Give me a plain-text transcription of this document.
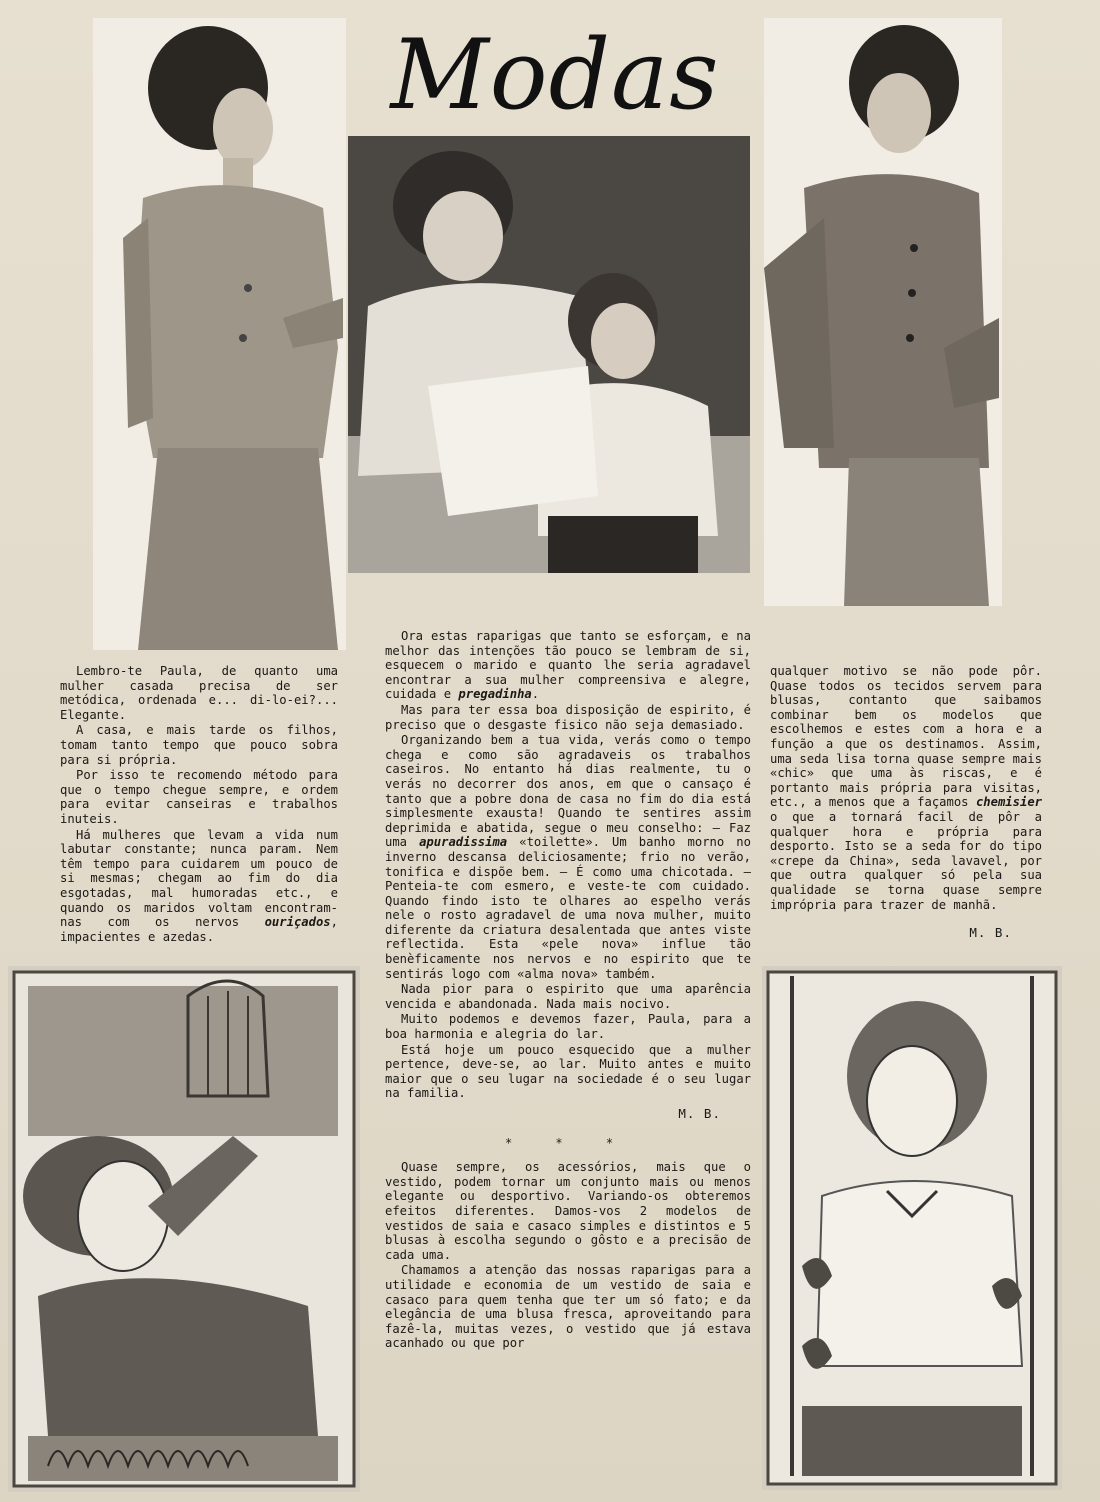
Modas

Lembro-te Paula, de quanto uma mulher casada precisa de ser metódica, ordenada e... di-lo-ei?... Elegante.

A casa, e mais tarde os filhos, tomam tanto tempo que pouco sobra para si própria.

Por isso te recomendo método para que o tempo chegue sempre, e ordem para evitar canseiras e trabalhos inuteis.

Há mulheres que levam a vida num labutar constante; nunca param. Nem têm tempo para cuidarem um pouco de si mesmas; chegam ao fim do dia esgotadas, mal humoradas etc., e quando os maridos voltam encontram-nas com os nervos ouriçados, impacientes e azedas.

Ora estas raparigas que tanto se esforçam, e na melhor das intenções tão pouco se lembram de si, esquecem o marido e quanto lhe seria agradavel encontrar a sua mulher compreensiva e alegre, cuidada e pregadinha.

Mas para ter essa boa disposição de espirito, é preciso que o desgaste fisico não seja demasiado.

Organizando bem a tua vida, verás como o tempo chega e como são agradaveis os trabalhos caseiros. No entanto há dias realmente, tu o verás no decorrer dos anos, em que o cansaço é tanto que a pobre dona de casa no fim do dia está simplesmente exausta! Quando te sentires assim deprimida e abatida, segue o meu conselho: — Faz uma apuradissima «toilette». Um banho morno no inverno descansa deliciosamente; frio no verão, tonifica e dispõe bem. — É como uma chicotada. — Penteia-te com esmero, e veste-te com cuidado. Quando findo isto te olhares ao espelho verás nele o rosto agradavel de uma nova mulher, muito diferente da criatura desalentada que antes viste reflectida. Esta «pele nova» influe tão benèficamente nos nervos e no espirito que te sentirás logo com «alma nova» também.

Nada pior para o espirito que uma aparência vencida e abandonada. Nada mais nocivo.

Muito podemos e devemos fazer, Paula, para a boa harmonia e alegria do lar.

Está hoje um pouco esquecido que a mulher pertence, deve-se, ao lar. Muito antes e muito maior que o seu lugar na sociedade é o seu lugar na familia.

M. B.
* * *

Quase sempre, os acessórios, mais que o vestido, podem tornar um conjunto mais ou menos elegante ou desportivo. Variando-os obteremos efeitos diferentes. Damos-vos 2 modelos de vestidos de saia e casaco simples e distintos e 5 blusas à escolha segundo o gôsto e a precisão de cada uma.

Chamamos a atenção das nossas raparigas para a utilidade e economia de um vestido de saia e casaco para quem tenha que ter um só fato; e da elegância de uma blusa fresca, aproveitando para fazê-la, muitas vezes, o vestido que já estava acanhado ou que por

qualquer motivo se não pode pôr. Quase todos os tecidos servem para blusas, contanto que saibamos combinar bem os modelos que escolhemos e estes com a hora e a função a que os destinamos. Assim, uma seda lisa torna quase sempre mais «chic» que uma às riscas, e é portanto mais própria para visitas, etc., a menos que a façamos chemisier o que a tornará facil de pôr a qualquer hora e própria para desporto. Isto se a seda for do tipo «crepe da China», seda lavavel, por que outra qualquer só pela sua qualidade se torna quase sempre imprópria para trazer de manhã.

M. B.
